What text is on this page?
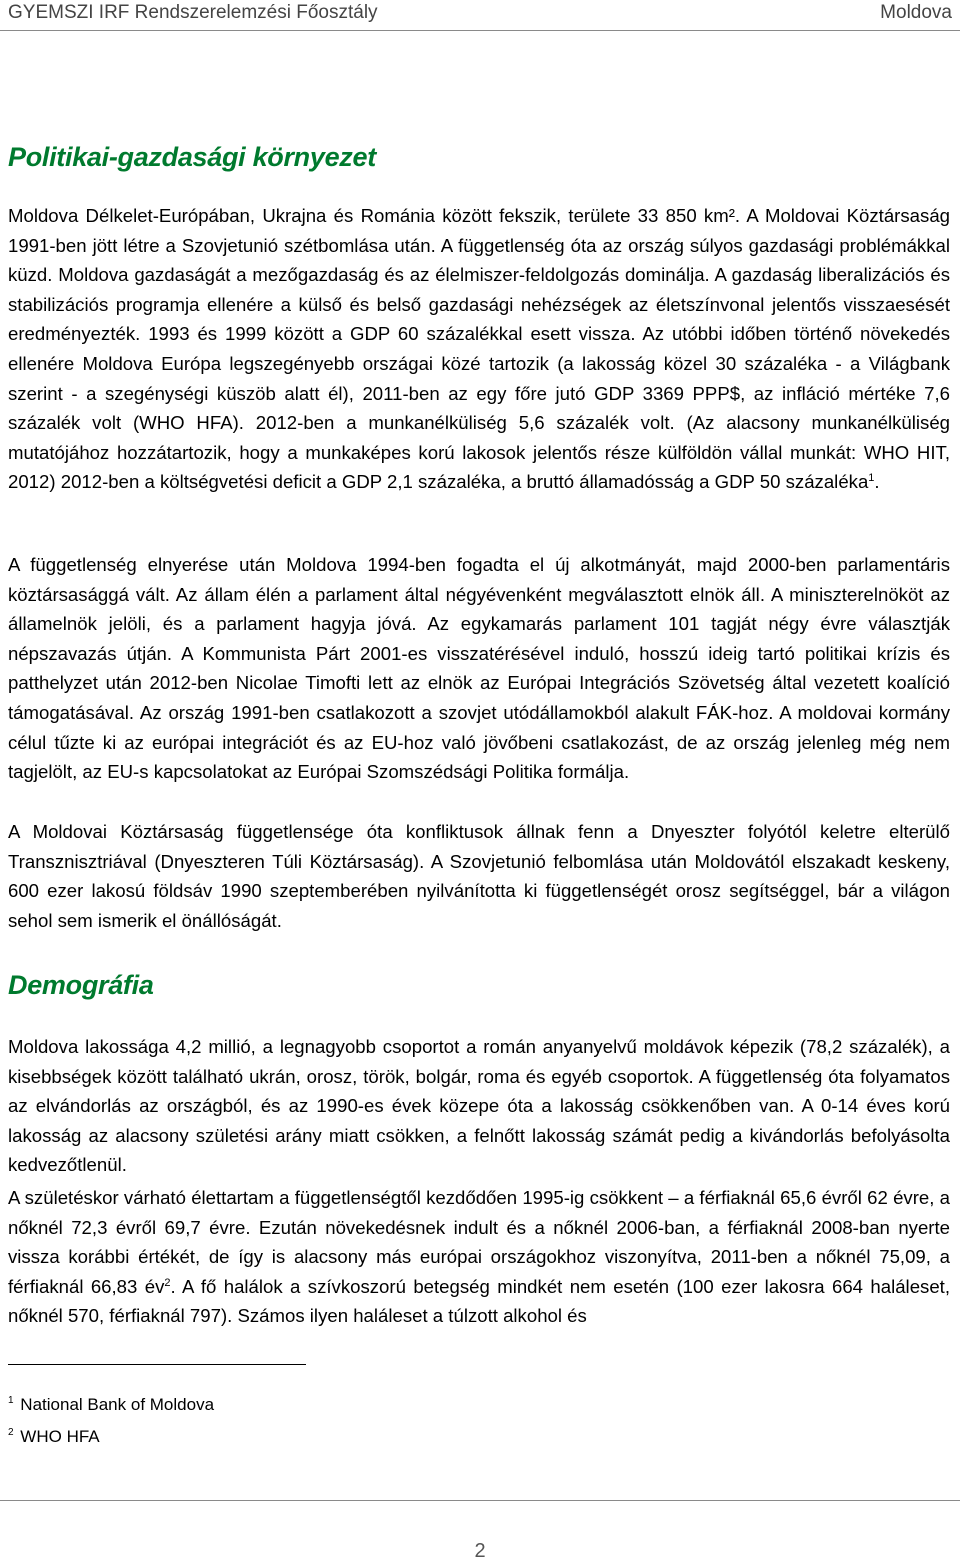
GYEMSZI IRF Rendszerelemzési Főosztály	Moldova
Politikai-gazdasági környezet

Moldova Délkelet-Európában, Ukrajna és Románia között fekszik, területe 33 850 km². A Moldovai Köztársaság 1991-ben jött létre a Szovjetunió szétbomlása után. A függetlenség óta az ország súlyos gazdasági problémákkal küzd. Moldova gazdaságát a mezőgazdaság és az élelmiszer-feldolgozás dominálja. A gazdaság liberalizációs és stabilizációs programja ellenére a külső és belső gazdasági nehézségek az életszínvonal jelentős visszaesését eredményezték. 1993 és 1999 között a GDP 60 százalékkal esett vissza. Az utóbbi időben történő növekedés ellenére Moldova Európa legszegényebb országai közé tartozik (a lakosság közel 30 százaléka - a Világbank szerint - a szegénységi küszöb alatt él), 2011-ben az egy főre jutó GDP 3369 PPP$, az infláció mértéke 7,6 százalék volt (WHO HFA). 2012-ben a munkanélküliség 5,6 százalék volt. (Az alacsony munkanélküliség mutatójához hozzátartozik, hogy a munkaképes korú lakosok jelentős része külföldön vállal munkát: WHO HIT, 2012) 2012-ben a költségvetési deficit a GDP 2,1 százaléka, a bruttó államadósság a GDP 50 százaléka$^1$.

A függetlenség elnyerése után Moldova 1994-ben fogadta el új alkotmányát, majd 2000-ben parlamentáris köztársasággá vált. Az állam élén a parlament által négyévenként megválasztott elnök áll. A miniszterelnököt az államelnök jelöli, és a parlament hagyja jóvá. Az egykamarás parlament 101 tagját négy évre választják népszavazás útján. A Kommunista Párt 2001-es visszatérésével induló, hosszú ideig tartó politikai krízis és patthelyzet után 2012-ben Nicolae Timofti lett az elnök az Európai Integrációs Szövetség által vezetett koalíció támogatásával. Az ország 1991-ben csatlakozott a szovjet utódállamokból alakult FÁK-hoz. A moldovai kormány célul tűzte ki az európai integrációt és az EU-hoz való jövőbeni csatlakozást, de az ország jelenleg még nem tagjelölt, az EU-s kapcsolatokat az Európai Szomszédsági Politika formálja.

A Moldovai Köztársaság függetlensége óta konfliktusok állnak fenn a Dnyeszter folyótól keletre elterülő Transznisztriával (Dnyeszteren Túli Köztársaság). A Szovjetunió felbomlása után Moldovától elszakadt keskeny, 600 ezer lakosú földsáv 1990 szeptemberében nyilvánította ki függetlenségét orosz segítséggel, bár a világon sehol sem ismerik el önállóságát.

Demográfia

Moldova lakossága 4,2 millió, a legnagyobb csoportot a román anyanyelvű moldávok képezik (78,2 százalék), a kisebbségek között található ukrán, orosz, török, bolgár, roma és egyéb csoportok. A függetlenség óta folyamatos az elvándorlás az országból, és az 1990-es évek közepe óta a lakosság csökkenőben van. A 0-14 éves korú lakosság az alacsony születési arány miatt csökken, a felnőtt lakosság számát pedig a kivándorlás befolyásolta kedvezőtlenül.

A születéskor várható élettartam a függetlenségtől kezdődően 1995-ig csökkent – a férfiaknál 65,6 évről 62 évre, a nőknél 72,3 évről 69,7 évre. Ezután növekedésnek indult és a nőknél 2006-ban, a férfiaknál 2008-ban nyerte vissza korábbi értékét, de így is alacsony más európai országokhoz viszonyítva, 2011-ben a nőknél 75,09, a férfiaknál 66,83 $év^2$. A fő halálok a szívkoszorú betegség mindkét nem esetén (100 ezer lakosra 664 haláleset, nőknél 570, férfiaknál 797). Számos ilyen haláleset a túlzott alkohol és

$^1$ National Bank of Moldova
$^2$ WHO HFA
2
